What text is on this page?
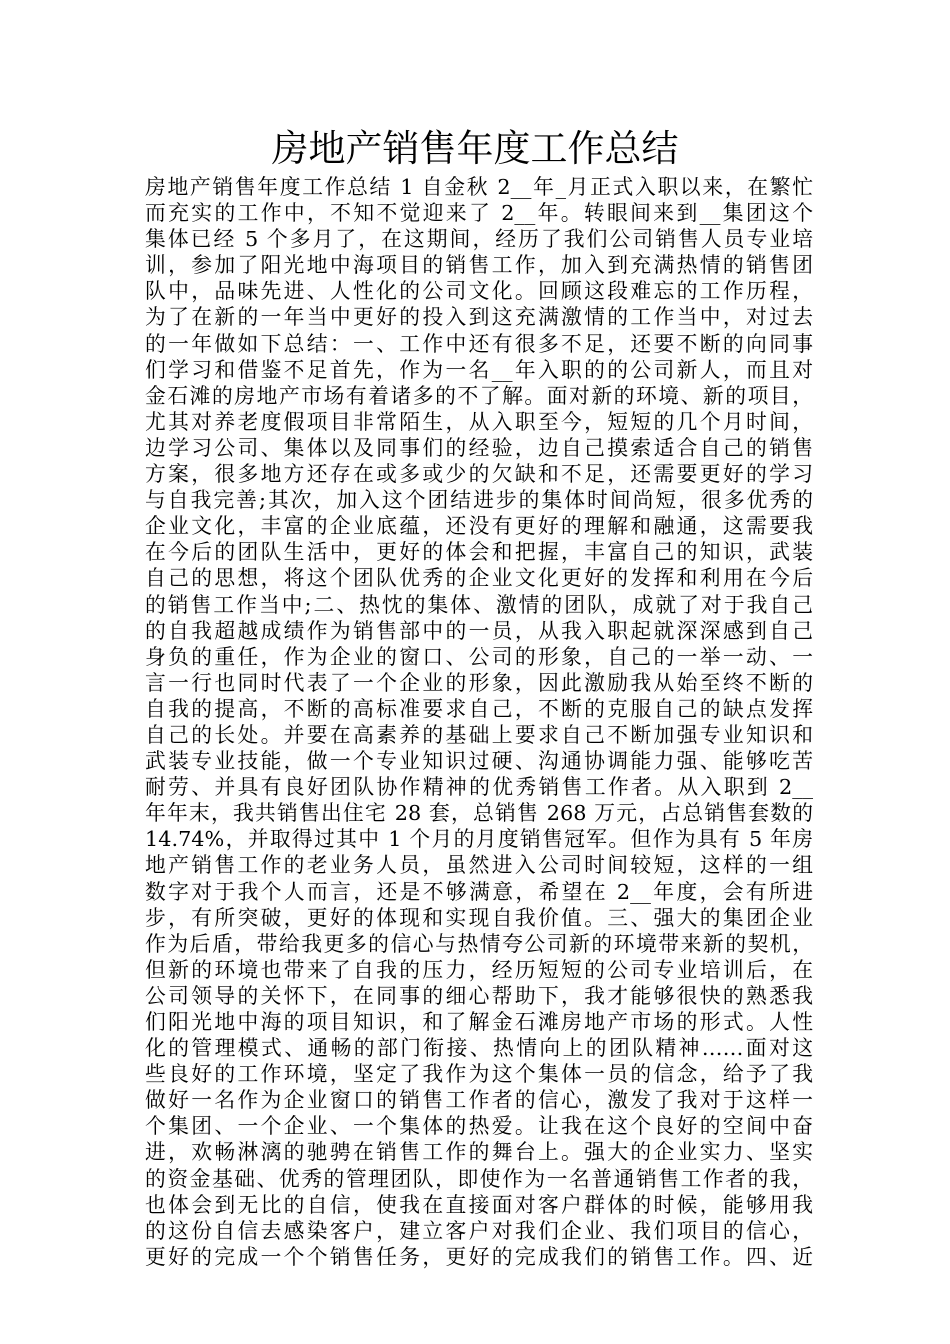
房地产销售年度工作总结
房地产销售年度工作总结 1 自金秋 2__年_月正式入职以来，在繁忙
而充实的工作中，不知不觉迎来了 2__年。转眼间来到__集团这个
集体已经 5 个多月了，在这期间，经历了我们公司销售人员专业培
训，参加了阳光地中海项目的销售工作，加入到充满热情的销售团
队中，品味先进、人性化的公司文化。回顾这段难忘的工作历程，
为了在新的一年当中更好的投入到这充满激情的工作当中，对过去
的一年做如下总结：一、工作中还有很多不足，还要不断的向同事
们学习和借鉴不足首先，作为一名__年入职的的公司新人，而且对
金石滩的房地产市场有着诸多的不了解。面对新的环境、新的项目，
尤其对养老度假项目非常陌生，从入职至今，短短的几个月时间，
边学习公司、集体以及同事们的经验，边自己摸索适合自己的销售
方案，很多地方还存在或多或少的欠缺和不足，还需要更好的学习
与自我完善;其次，加入这个团结进步的集体时间尚短，很多优秀的
企业文化，丰富的企业底蕴，还没有更好的理解和融通，这需要我
在今后的团队生活中，更好的体会和把握，丰富自己的知识，武装
自己的思想，将这个团队优秀的企业文化更好的发挥和利用在今后
的销售工作当中;二、热忱的集体、激情的团队，成就了对于我自己
的自我超越成绩作为销售部中的一员，从我入职起就深深感到自己
身负的重任，作为企业的窗口、公司的形象，自己的一举一动、一
言一行也同时代表了一个企业的形象，因此激励我从始至终不断的
自我的提高，不断的高标准要求自己，不断的克服自己的缺点发挥
自己的长处。并要在高素养的基础上要求自己不断加强专业知识和
武装专业技能，做一个专业知识过硬、沟通协调能力强、能够吃苦
耐劳、并具有良好团队协作精神的优秀销售工作者。从入职到 2__
年年末，我共销售出住宅 28 套，总销售 268 万元，占总销售套数的
14.74%，并取得过其中 1 个月的月度销售冠军。但作为具有 5 年房
地产销售工作的老业务人员，虽然进入公司时间较短，这样的一组
数字对于我个人而言，还是不够满意，希望在 2__年度，会有所进
步，有所突破，更好的体现和实现自我价值。三、强大的集团企业
作为后盾，带给我更多的信心与热情夸公司新的环境带来新的契机，
但新的环境也带来了自我的压力，经历短短的公司专业培训后，在
公司领导的关怀下，在同事的细心帮助下，我才能够很快的熟悉我
们阳光地中海的项目知识，和了解金石滩房地产市场的形式。人性
化的管理模式、通畅的部门衔接、热情向上的团队精神……面对这
些良好的工作环境，坚定了我作为这个集体一员的信念，给予了我
做好一名作为企业窗口的销售工作者的信心，激发了我对于这样一
个集团、一个企业、一个集体的热爱。让我在这个良好的空间中奋
进，欢畅淋漓的驰骋在销售工作的舞台上。强大的企业实力、坚实
的资金基础、优秀的管理团队，即使作为一名普通销售工作者的我，
也体会到无比的自信，使我在直接面对客户群体的时候，能够用我
的这份自信去感染客户，建立客户对我们企业、我们项目的信心，
更好的完成一个个销售任务，更好的完成我们的销售工作。四、近
